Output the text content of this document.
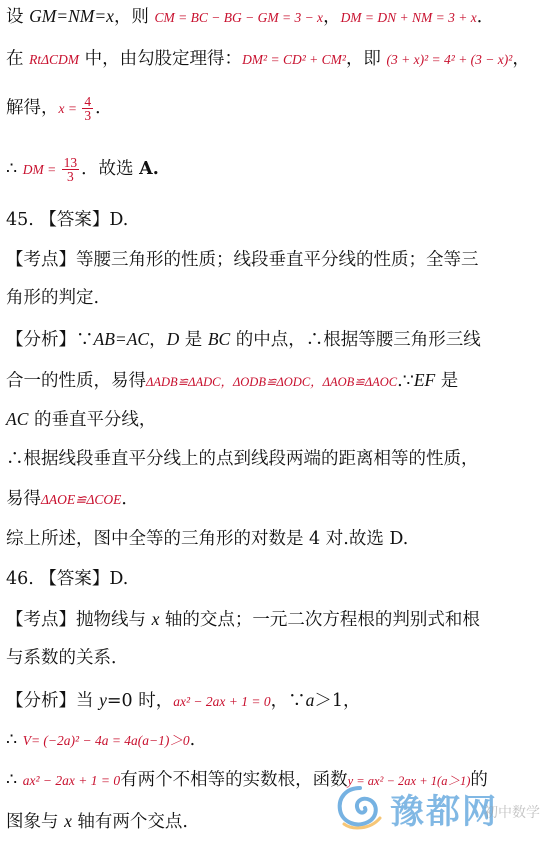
设 GM=NM=x，则 CM = BC − BG − GM = 3 − x，DM = DN + NM = 3 + x．
在 RtΔCDM 中，由勾股定理得：DM² = CD² + CM²，即 (3 + x)² = 4² + (3 − x)²，
解得，$x = \frac{4}{3}$ ．
∴ DM = $\frac{13}{3}$ ．故选 A.
45. 【答案】D.
【考点】等腰三角形的性质；线段垂直平分线的性质；全等三
角形的判定.
【分析】∵AB=AC，D 是 BC 的中点，∴根据等腰三角形三线
合一的性质，易得ΔADB≌ΔADC，ΔODB≌ΔODC，ΔAOB≌ΔAOC.∵EF 是
AC 的垂直平分线，
∴根据线段垂直平分线上的点到线段两端的距离相等的性质，
易得ΔAOE≌ΔCOE．
综上所述，图中全等的三角形的对数是 4 对.故选 D.
46. 【答案】D.
【考点】抛物线与 x 轴的交点；一元二次方程根的判别式和根
与系数的关系．
【分析】当 y=0 时，ax² − 2ax + 1 = 0，∵a＞1，
∴ V= (−2a)² − 4a = 4a(a−1)＞0.
∴ ax² − 2ax + 1 = 0有两个不相等的实数根，函数y = ax² − 2ax + 1(a＞1)的
图象与 x 轴有两个交点.	豫都网
初中数学
